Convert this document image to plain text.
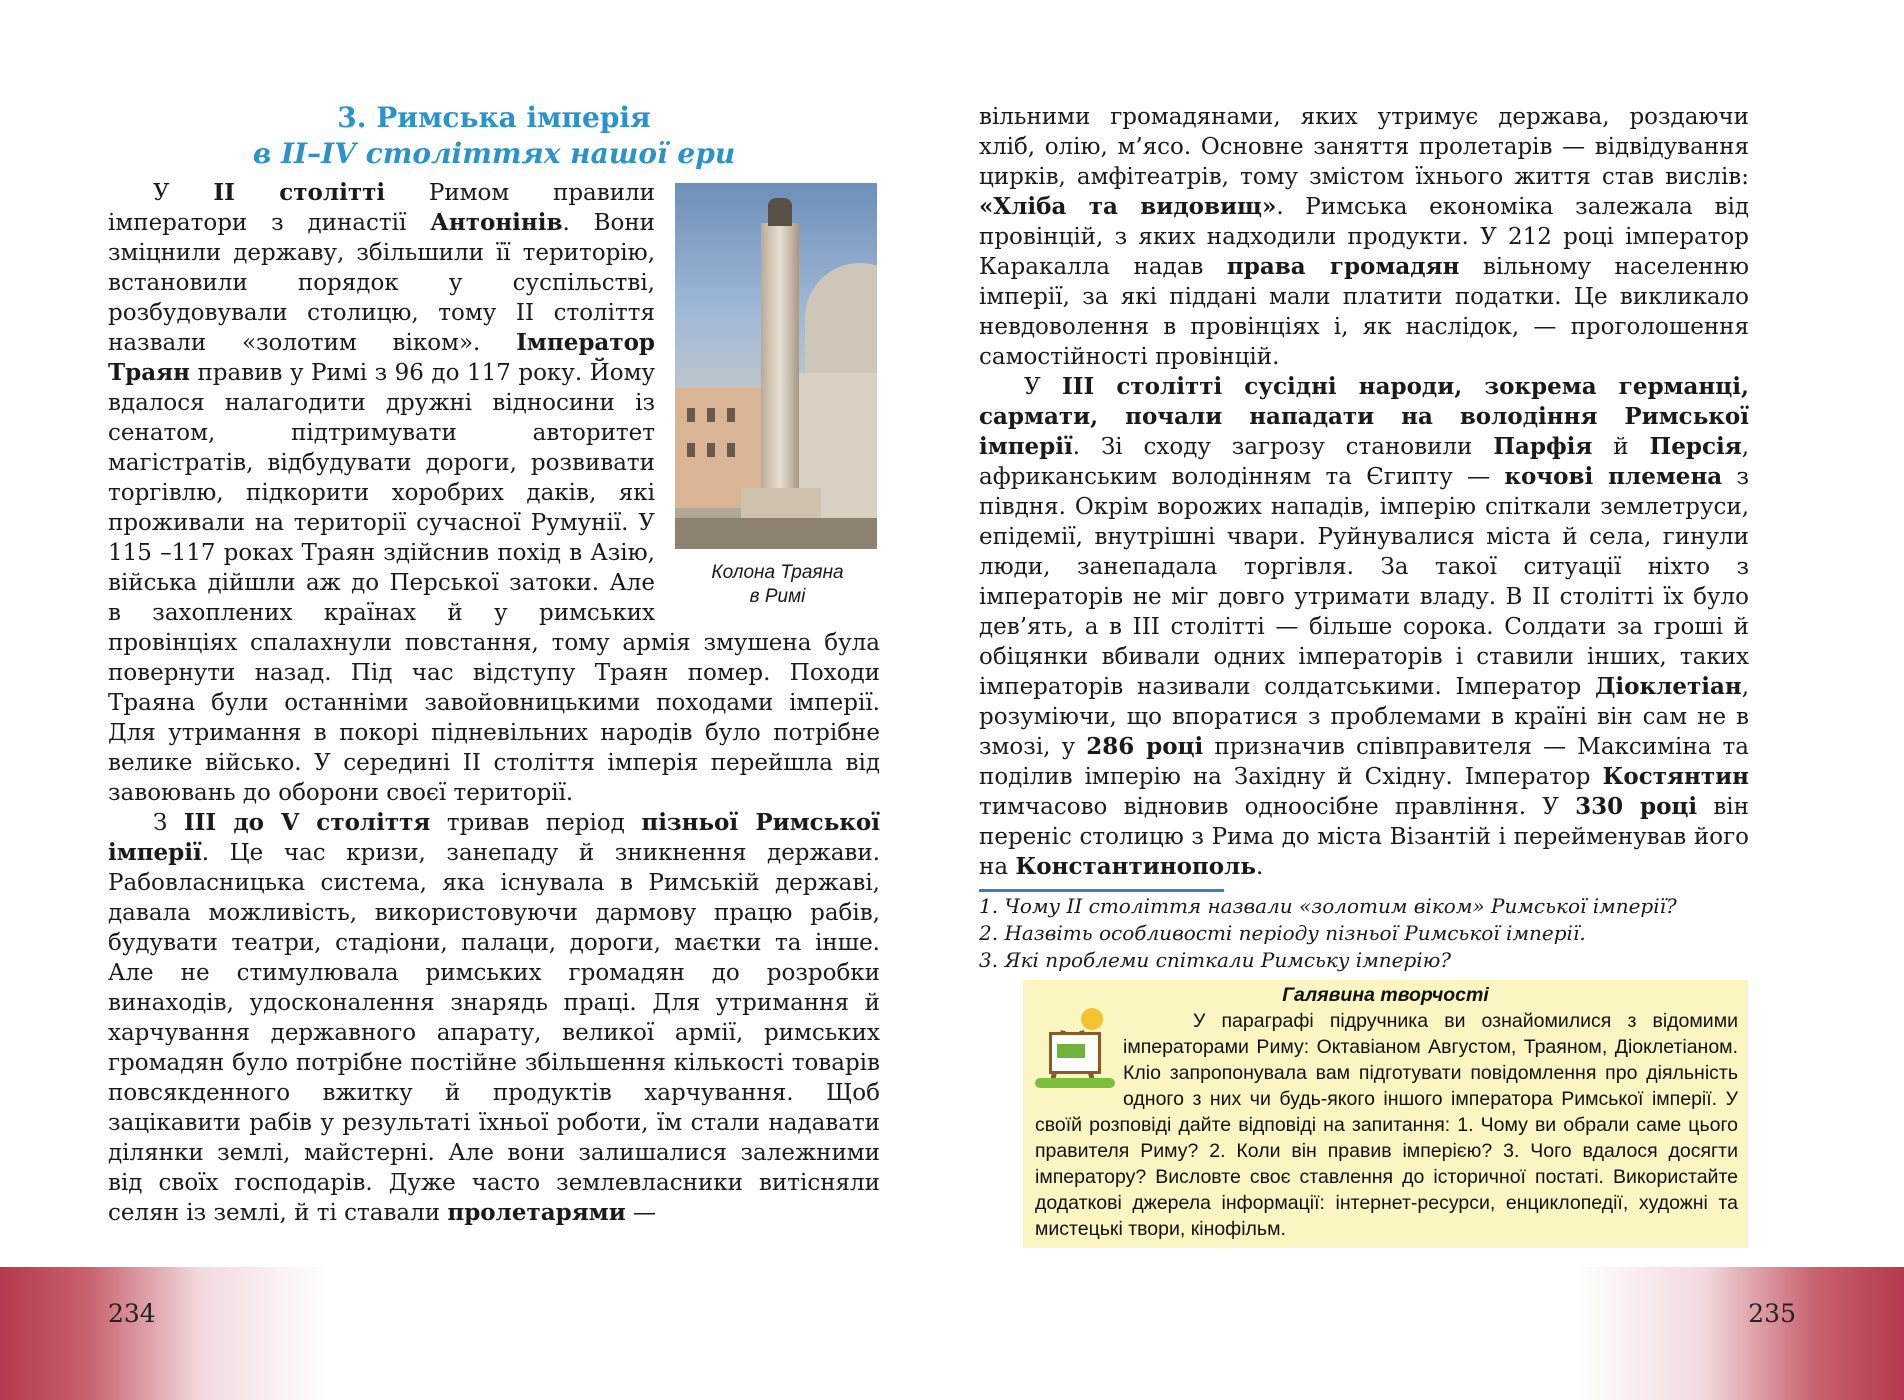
3. Римська імперія
в II–IV століттях нашої ери
Колона Траяна
в Римі

У II столітті Римом правили імператори з династії Антонінів. Вони зміцнили державу, збільшили її територію, встановили порядок у суспільстві, розбудовували столицю, тому II століття назвали «золотим віком». Імператор Траян правив у Римі з 96 до 117 року. Йому вдалося налагодити дружні відносини із сенатом, підтримувати авторитет магістратів, відбудувати дороги, розвивати торгівлю, підкорити хоробрих даків, які проживали на території сучасної Румунії. У 115 –117 роках Траян здійснив похід в Азію, війська дійшли аж до Перської затоки. Але в захоплених країнах й у римських провінціях спалахнули повстання, тому армія змушена була повернути назад. Під час відступу Траян помер. Походи Траяна були останніми завойовницькими походами імперії. Для утримання в покорі підневільних народів було потрібне велике військо. У середині II століття імперія перейшла від завоювань до оборони своєї території.

З III до V століття тривав період пізньої Римської імперії. Це час кризи, занепаду й зникнення держави. Рабовласницька система, яка існувала в Римській державі, давала можливість, використовуючи дармову працю рабів, будувати театри, стадіони, палаци, дороги, маєтки та інше. Але не стимулювала римських громадян до розробки винаходів, удосконалення знарядь праці. Для утримання й харчування державного апарату, великої армії, римських громадян було потрібне постійне збільшення кількості товарів повсякденного вжитку й продуктів харчування. Щоб зацікавити рабів у результаті їхньої роботи, їм стали надавати ділянки землі, майстерні. Але вони залишалися залежними від своїх господарів. Дуже часто землевласники витісняли селян із землі, й ті ставали пролетарями —

234

вільними громадянами, яких утримує держава, роздаючи хліб, олію, м’ясо. Основне заняття пролетарів — відвідування цирків, амфітеатрів, тому змістом їхнього життя став вислів: «Хліба та видовищ». Римська економіка залежала від провінцій, з яких надходили продукти. У 212 році імператор Каракалла надав права громадян вільному населенню імперії, за які піддані мали платити податки. Це викликало невдоволення в провінціях і, як наслідок, — проголошення самостійності провінцій.

У III столітті сусідні народи, зокрема германці, сармати, почали нападати на володіння Римської імперії. Зі сходу загрозу становили Парфія й Персія, африканським володінням та Єгипту — кочові племена з півдня. Окрім ворожих нападів, імперію спіткали землетруси, епідемії, внутрішні чвари. Руйнувалися міста й села, гинули люди, занепадала торгівля. За такої ситуації ніхто з імператорів не міг довго утримати владу. В II столітті їх було дев’ять, а в III столітті — більше сорока. Солдати за гроші й обіцянки вбивали одних імператорів і ставили інших, таких імператорів називали солдатськими. Імператор Діоклетіан, розуміючи, що впоратися з проблемами в країні він сам не в змозі, у 286 році призначив співправителя — Максиміна та поділив імперію на Західну й Східну. Імператор Костянтин тимчасово відновив одноосібне правління. У 330 році він переніс столицю з Рима до міста Візантій і перейменував його на Константинополь.

1. Чому II століття назвали «золотим віком» Римської імперії?
2. Назвіть особливості періоду пізньої Римської імперії.
3. Які проблеми спіткали Римську імперію?
Галявина творчості
У параграфі підручника ви ознайомилися з відомими імператорами Риму: Октавіаном Августом, Траяном, Діоклетіаном. Кліо запропонувала вам підготувати повідомлення про діяльність одного з них чи будь-якого іншого імператора Римської імперії. У своїй розповіді дайте відповіді на запитання: 1. Чому ви обрали саме цього правителя Риму? 2. Коли він правив імперією? 3. Чого вдалося досягти імператору? Висловте своє ставлення до історичної постаті. Використайте додаткові джерела інформації: інтернет-ресурси, енциклопедії, художні та мистецькі твори, кінофільм.
235
